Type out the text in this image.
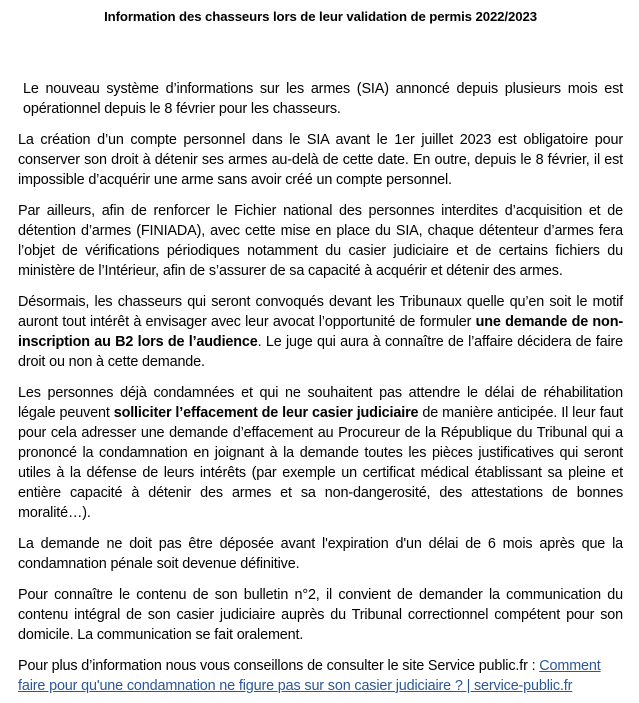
Information des chasseurs lors de leur validation de permis 2022/2023

Le nouveau système d’informations sur les armes (SIA) annoncé depuis plusieurs mois est opérationnel depuis le 8 février pour les chasseurs.

La création d’un compte personnel dans le SIA avant le 1er juillet 2023 est obligatoire pour conserver son droit à détenir ses armes au-delà de cette date. En outre, depuis le 8 février, il est impossible d’acquérir une arme sans avoir créé un compte personnel.

Par ailleurs, afin de renforcer le Fichier national des personnes interdites d’acquisition et de détention d’armes (FINIADA), avec cette mise en place du SIA, chaque détenteur d’armes fera l’objet de vérifications périodiques notamment du casier judiciaire et de certains fichiers du ministère de l’Intérieur, afin de s’assurer de sa capacité à acquérir et détenir des armes.

Désormais, les chasseurs qui seront convoqués devant les Tribunaux quelle qu’en soit le motif auront tout intérêt à envisager avec leur avocat l’opportunité de formuler une demande de non-inscription au B2 lors de l’audience. Le juge qui aura à connaître de l’affaire décidera de faire droit ou non à cette demande.

Les personnes déjà condamnées et qui ne souhaitent pas attendre le délai de réhabilitation légale peuvent solliciter l’effacement de leur casier judiciaire de manière anticipée. Il leur faut pour cela adresser une demande d’effacement au Procureur de la République du Tribunal qui a prononcé la condamnation en joignant à la demande toutes les pièces justificatives qui seront utiles à la défense de leurs intérêts (par exemple un certificat médical établissant sa pleine et entière capacité à détenir des armes et sa non-dangerosité, des attestations de bonnes moralité…).

La demande ne doit pas être déposée avant l'expiration d'un délai de 6 mois après que la condamnation pénale soit devenue définitive.

Pour connaître le contenu de son bulletin n°2, il convient de demander la communication du contenu intégral de son casier judiciaire auprès du Tribunal correctionnel compétent pour son domicile. La communication se fait oralement.

Pour plus d’information nous vous conseillons de consulter le site Service public.fr : Comment faire pour qu'une condamnation ne figure pas sur son casier judiciaire ? | service-public.fr
